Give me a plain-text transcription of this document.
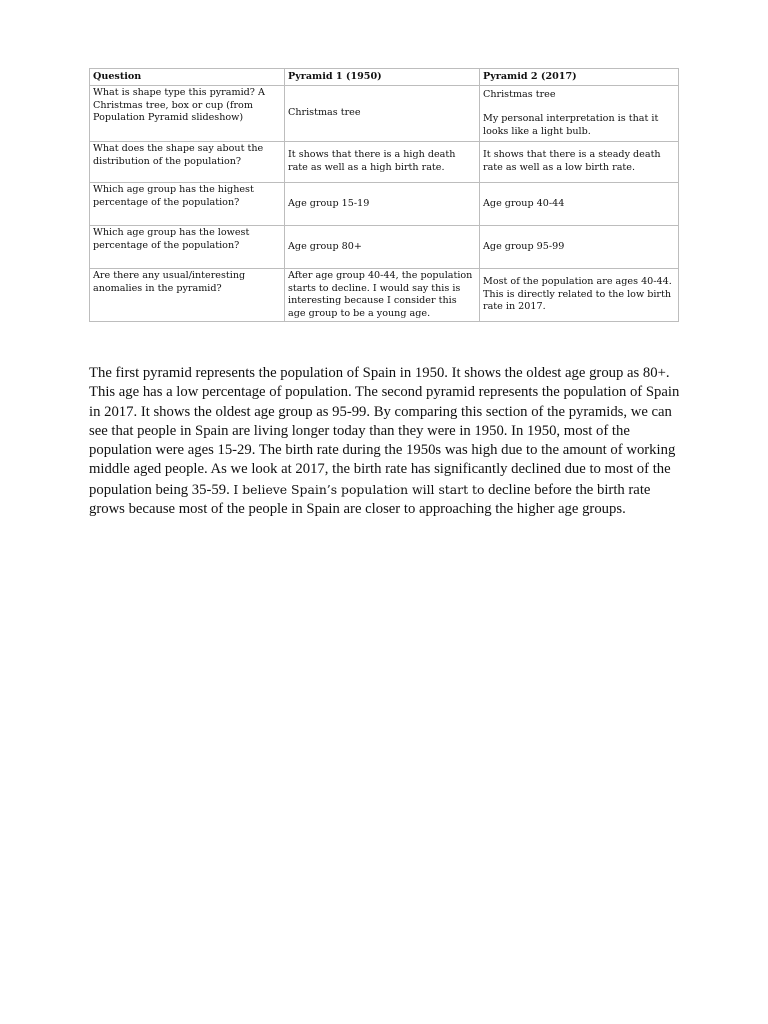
Question	Pyramid 1 (1950)	Pyramid 2 (2017)
What is shape type this pyramid? A Christmas tree, box or cup (from Population Pyramid slideshow)	Christmas tree	Christmas tree
My personal interpretation is that it looks like a light bulb.
What does the shape say about the distribution of the population?	It shows that there is a high death rate as well as a high birth rate.	It shows that there is a steady death rate as well as a low birth rate.
Which age group has the highest percentage of the population?	Age group 15-19	Age group 40-44
Which age group has the lowest percentage of the population?	Age group 80+	Age group 95-99
Are there any usual/interesting anomalies in the pyramid?	After age group 40-44, the population starts to decline. I would say this is interesting because I consider this age group to be a young age.	Most of the population are ages 40-44. This is directly related to the low birth rate in 2017.

The first pyramid represents the population of Spain in 1950. It shows the oldest age group as 80+. This age has a low percentage of population. The second pyramid represents the population of Spain in 2017. It shows the oldest age group as 95-99. By comparing this section of the pyramids, we can see that people in Spain are living longer today than they were in 1950. In 1950, most of the population were ages 15-29. The birth rate during the 1950s was high due to the amount of working middle aged people. As we look at 2017, the birth rate has significantly declined due to most of the population being 35-59. I believe Spain’s population will start to decline before the birth rate grows because most of the people in Spain are closer to approaching the higher age groups.
